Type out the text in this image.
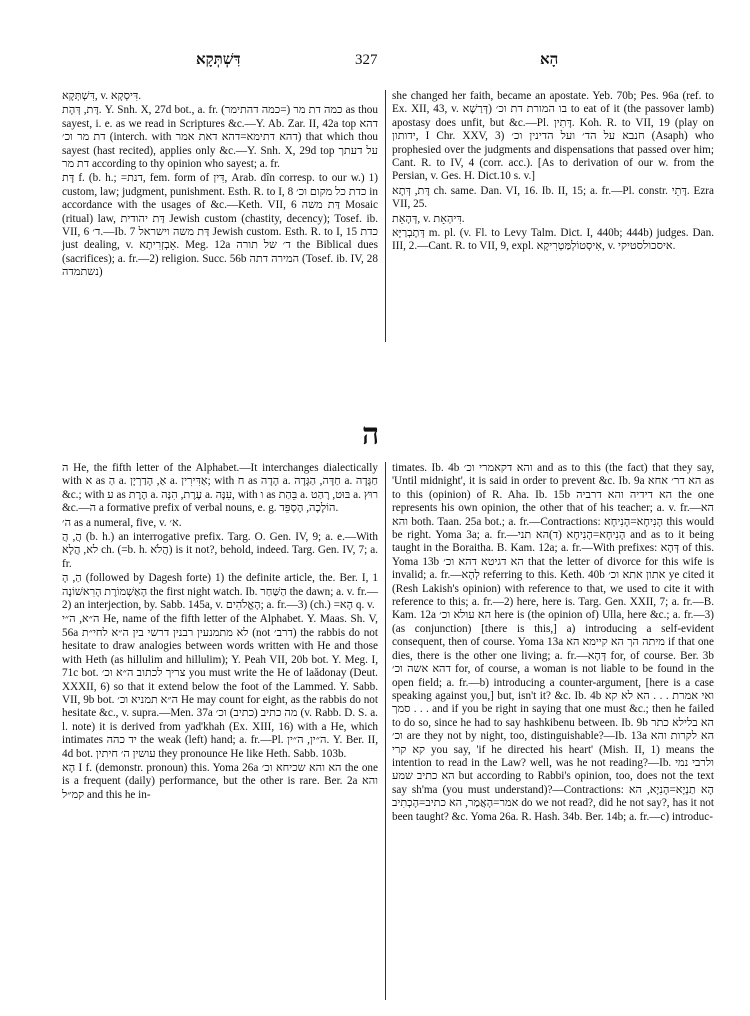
דִּשְׁתְּקָא	327	הָא

דִּשְׁתְּקָא, v. דִּיסְקָא.

דָּת, דְּהָת. Y. Snh. X, 27d bot., a. fr. כמה דת מר (=כמה דהתימר) as thou sayest, i. e. as we read in Scriptures &c.—Y. Ab. Zar. II, 42a top דהא דת מר וכ׳ (interch. with דהא דתימא=דהא דאת אמר) that which thou sayest (hast recited), applies only &c.—Y. Snh. X, 29d top על דעתך דת מר according to thy opinion who sayest; a. fr.

דָּת f. (b. h.; =דנת, fem. form of דִּין, Arab. dîn corresp. to our w.) 1) custom, law; judgment, punishment. Esth. R. to I, 8 כדת כל מקום וכ׳ in accordance with the usages of &c.—Keth. VII, 6 דַּת משה Mosaic (ritual) law, דַּת יהודית Jewish custom (chastity, decency); Tosef. ib. VII, 6 ד׳.—Ib. 7 דַּת משה וישראל Jewish custom. Esth. R. to I, 15 כדת just dealing, v. אֵבְזְרִיתָא. Meg. 12a ד׳ של תורה the Biblical dues (sacrifices); a. fr.—2) religion. Succ. 56b המירה דתה (Tosef. ib. IV, 28 נשתמדה)

she changed her faith, became an apostate. Yeb. 70b; Pes. 96a (ref. to Ex. XII, 43, v. דְּרַשָׁא) בו המורת דת וכ׳ to eat of it (the passover lamb) apostasy does unfit, but &c.—Pl. דָּתִין. Koh. R. to VII, 19 (play on ידותון, I Chr. XXV, 3) חנבא על הד׳ ועל הדינין וכ׳ (Asaph) who prophesied over the judgments and dispensations that passed over him; Cant. R. to IV, 4 (corr. acc.). [As to derivation of our w. from the Persian, v. Ges. H. Dict.10 s. v.]

דָּת, דְּתָא ch. same. Dan. VI, 16. Ib. II, 15; a. fr.—Pl. constr. דָּתֵי. Ezra VII, 25.

דְּהָאֵת, v. דִּיהְאָת.

דְּתָבְרַיָּא m. pl. (v. Fl. to Levy Talm. Dict. I, 440b; 444b) judges. Dan. III, 2.—Cant. R. to VII, 9, expl. אִיסְטוֹלְמַּטְרִיקָא, v. איסכולסטיקי.

ה

ה He, the fifth letter of the Alphabet.—It interchanges dialectically with א as הַ a. אַ, הָדַרְיָן a. אַדִּירִין; with ח as הָדָה a. חַדָּה, הַגָּדָה a. חַגָּדָה &c.; with ע as הֶרֶת a. עֶרֶת, הִנָּה a. עִנָּה, with ו as בֵּהַת a. בּוּט, רָהַט a. רוּץ &c.—ה a formative prefix of verbal nouns, e. g. הוֹלָכָה, הֶסְפֵּד.

ה׳ as a numeral, five, v. א׳.

הֲ, הֲ (b. h.) an interrogative prefix. Targ. O. Gen. IV, 9; a. e.—With לא, הֲלָא ch. (=b. h. הֲלֹא) is it not?, behold, indeed. Targ. Gen. IV, 7; a. fr.

הַ, הָ (followed by Dagesh forte) 1) the definite article, the. Ber. I, 1 הָאַשְׁמוֹרֶת הָרִאשׁוֹנָה the first night watch. Ib. הַשַּׁחַר the dawn; a. v. fr.—2) an interjection, by. Sabb. 145a, v. הָאֱלֹהִים; a. fr.—3) (ch.) =הָא q. v.

ה״א, ה״י He, name of the fifth letter of the Alphabet. Y. Maas. Sh. V, 56a לא מתמנעין רבנין דרשי בין ה״א לחי״ת (not דרב׳) the rabbis do not hesitate to draw analogies between words written with He and those with Heth (as hillulim and hillulim); Y. Peah VII, 20b bot. Y. Meg. I, 71c bot. צריך לכתוב ה״א וכ׳ you must write the He of laădonay (Deut. XXXII, 6) so that it extend below the foot of the Lammed. Y. Sabb. VII, 9b bot. ה״א תמניא וכ׳ He may count for eight, as the rabbis do not hesitate &c., v. supra.—Men. 37a מה כתיב (כתיב) וכ׳ (v. Rabb. D. S. a. l. note) it is derived from yad'khah (Ex. XIII, 16) with a He, which intimates יד כהה the weak (left) hand; a. fr.—Pl. ה״ין, ה״ין. Y. Ber. II, 4d bot. עושין ה׳ חיתין they pronounce He like Heth. Sabb. 103b.

הָא I f. (demonstr. pronoun) this. Yoma 26a הא והא שכיחא וכ׳ the one is a frequent (daily) performance, but the other is rare. Ber. 2a והא קמ״ל and this he in-

timates. Ib. 4b והא דקאמרי וכ׳ and as to this (the fact) that they say, 'Until midnight', it is said in order to prevent &c. Ib. 9a הא דר׳ אחא as to this (opinion) of R. Aha. Ib. 15b הא דידיה והא דרביה the one represents his own opinion, the other that of his teacher; a. v. fr.—הא והא both. Taan. 25a bot.; a. fr.—Contractions: הָנִיחָא=הָנִיחָא this would be right. Yoma 3a; a. fr.—הָנִיחָא=הָנִיחָא (ד)הא תני and as to it being taught in the Boraitha. B. Kam. 12a; a. fr.—With prefixes: דְּהָא of this. Yoma 13b הא דגיטא דהא וכ׳ that the letter of divorce for this wife is invalid; a. fr.—לְהָא referring to this. Keth. 40b אתון אתא וכ׳ ye cited it (Resh Lakish's opinion) with reference to that, we used to cite it with reference to this; a. fr.—2) here, here is. Targ. Gen. XXII, 7; a. fr.—B. Kam. 12a הא עולא וכ׳ here is (the opinion of) Ulla, here &c.; a. fr.—3) (as conjunction) [there is this,] a) introducing a self-evident consequent, then of course. Yoma 13a מיתה הך הא קיימא הא if that one dies, there is the other one living; a. fr.—דְּהָא for, of course. Ber. 3b דהא אשה וכ׳ for, of course, a woman is not liable to be found in the open field; a. fr.—b) introducing a counter-argument, [here is a case speaking against you,] but, isn't it? &c. Ib. 4b ואי אמרת . . . הא לא קא סמך . . . and if you be right in saying that one must &c.; then he failed to do so, since he had to say hashkibenu between. Ib. 9b הא בלילא כתר וכ׳ are they not by night, too, distinguishable?—Ib. 13a הא לקרות והא קא קרי you say, 'if he directed his heart' (Mish. II, 1) means the intention to read in the Law? well, was he not reading?—Ib. ולרבי נמי הא כתיב שמע but according to Rabbi's opinion, too, does not the text say sh'ma (you must understand)?—Contractions: הָא תַנְיָא=הָנִיָא, הא אמר=הָאֲמַר, הא כתיב=הָכְתִיב do we not read?, did he not say?, has it not been taught? &c. Yoma 26a. R. Hash. 34b. Ber. 14b; a. fr.—c) introduc-
